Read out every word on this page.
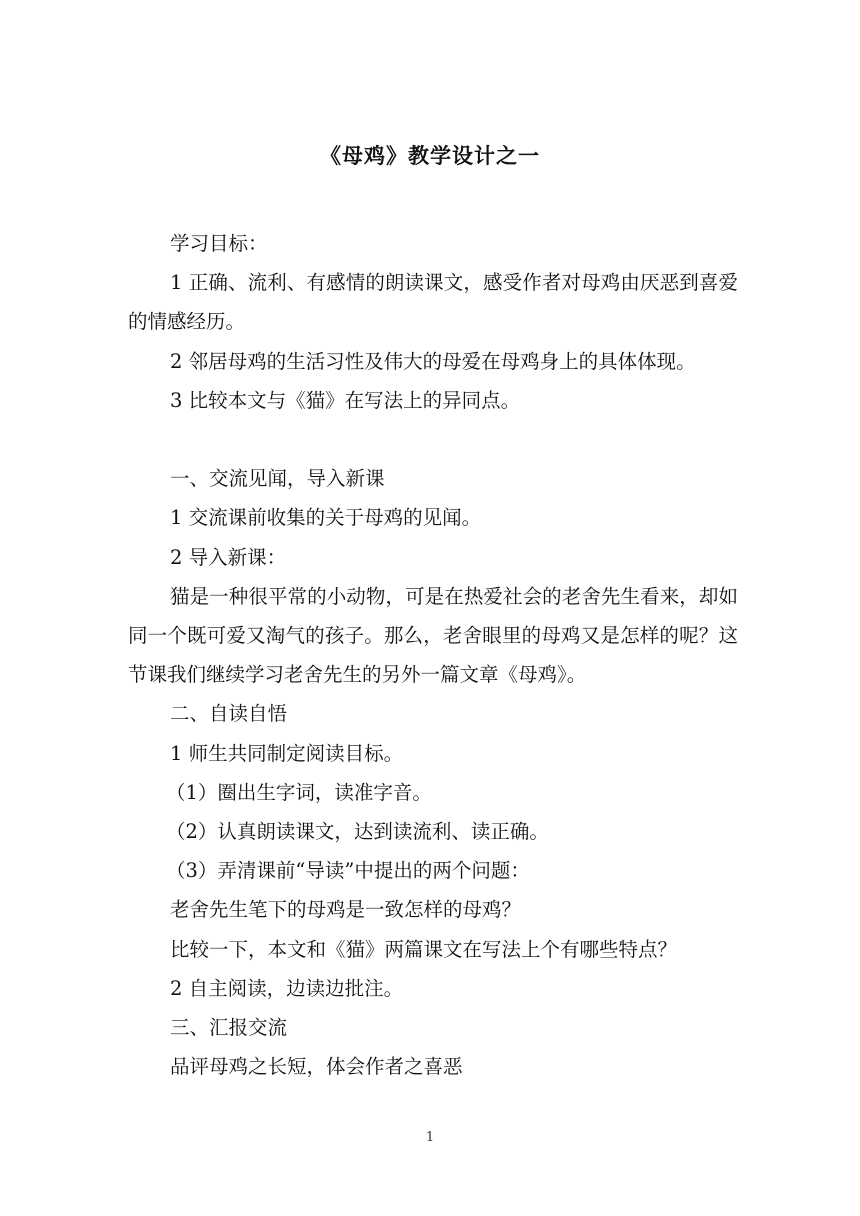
《母鸡》教学设计之一

学习目标：

1 正确、流利、有感情的朗读课文，感受作者对母鸡由厌恶到喜爱的情感经历。

2 邻居母鸡的生活习性及伟大的母爱在母鸡身上的具体体现。

3 比较本文与《猫》在写法上的异同点。

一、交流见闻，导入新课

1 交流课前收集的关于母鸡的见闻。

2 导入新课：

猫是一种很平常的小动物，可是在热爱社会的老舍先生看来，却如同一个既可爱又淘气的孩子。那么，老舍眼里的母鸡又是怎样的呢？这节课我们继续学习老舍先生的另外一篇文章《母鸡》。

二、自读自悟

1 师生共同制定阅读目标。

（1）圈出生字词，读准字音。

（2）认真朗读课文，达到读流利、读正确。

（3）弄清课前“导读”中提出的两个问题：

老舍先生笔下的母鸡是一致怎样的母鸡？

比较一下，本文和《猫》两篇课文在写法上个有哪些特点？

2 自主阅读，边读边批注。

三、汇报交流

品评母鸡之长短，体会作者之喜恶

1
